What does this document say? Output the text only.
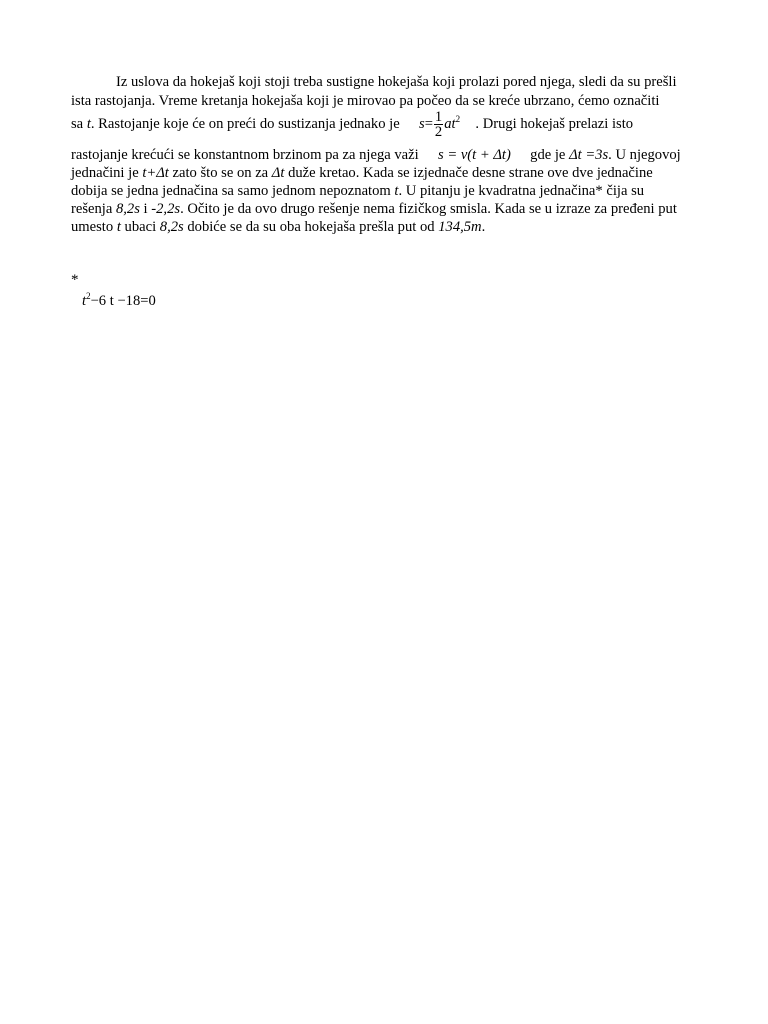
Iz uslova da hokejaš koji stoji treba sustigne hokejaša koji prolazi pored njega, sledi da su prešli
ista rastojanja. Vreme kretanja hokejaša koji je mirovao pa počeo da se kreće ubrzano, ćemo označiti
sa t. Rastojanje koje će on preći do sustizanja jednako je $s= \frac{1}{2} at^2$ . Drugi hokejaš prelazi isto
rastojanje krećući se konstantnom brzinom pa za njega važi s = v(t + Δt) gde je Δt =3s. U njegovoj
jednačini je t+Δt zato što se on za Δt duže kretao. Kada se izjednače desne strane ove dve jednačine
dobija se jedna jednačina sa samo jednom nepoznatom t. U pitanju je kvadratna jednačina* čija su
rešenja 8,2s i -2,2s. Očito je da ovo drugo rešenje nema fizičkog smisla. Kada se u izraze za pređeni put
umesto t ubaci 8,2s dobiće se da su oba hokejaša prešla put od 134,5m.
*
$t^2-6$ t −18=0
